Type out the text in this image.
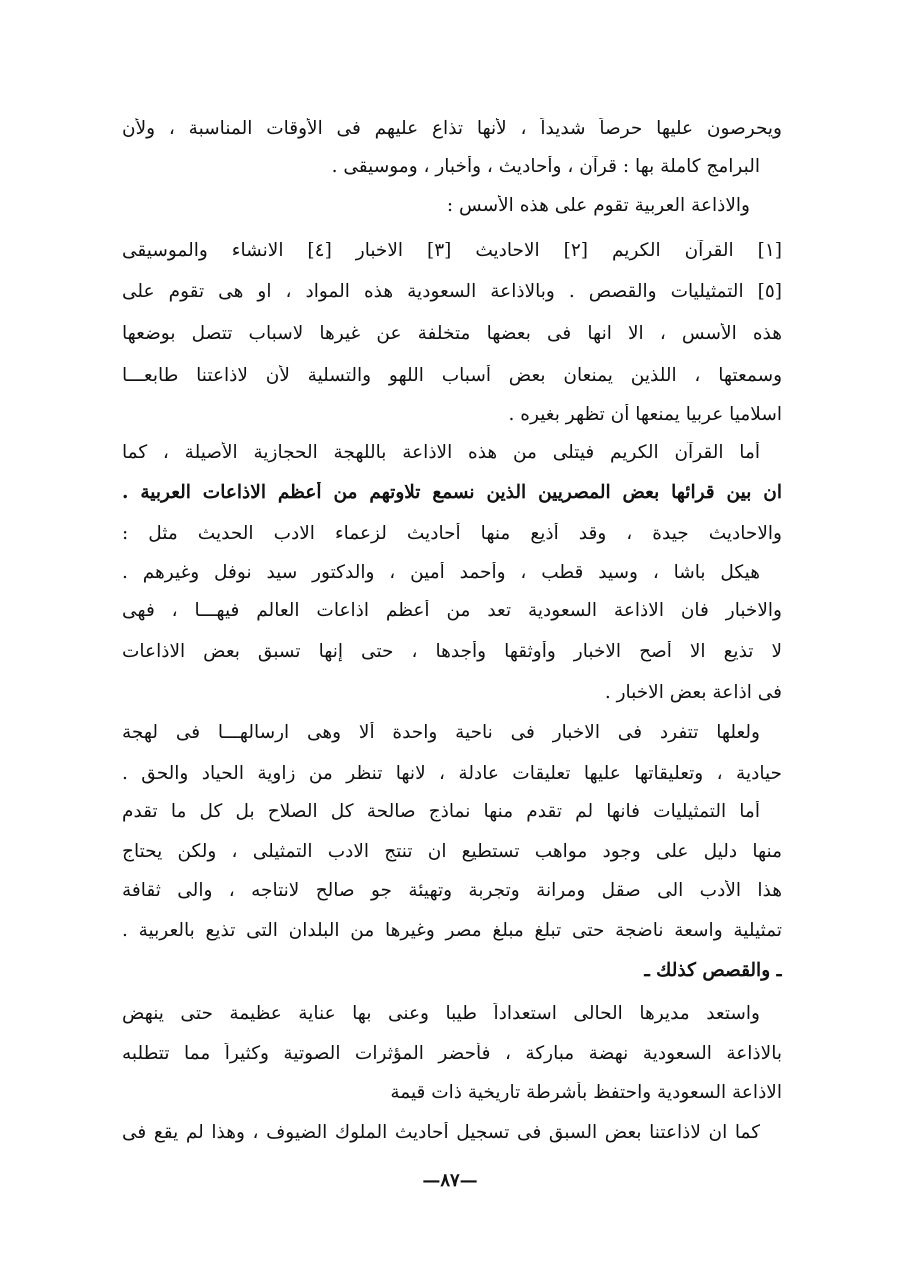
ويحرصون عليها حرصاً شديداً ، لأنها تذاع عليهم فى الأوقات المناسبة ، ولأن
البرامج كاملة بها : قرآن ، وأحاديث ، وأخبار ، وموسيقى .
والاذاعة العربية تقوم على هذه الأسس :
[١] القرآن الكريم [٢] الاحاديث [٣] الاخبار [٤] الانشاء والموسيقى
[٥] التمثيليات والقصص . وبالاذاعة السعودية هذه المواد ، او هى تقوم على
هذه الأسس ، الا انها فى بعضها متخلفة عن غيرها لاسباب تتصل بوضعها
وسمعتها ، اللذين يمنعان بعض أسباب اللهو والتسلية لأن لاذاعتنا طابعـــا
اسلاميا عربيا يمنعها أن تظهر بغيره .
أما القرآن الكريم فيتلى من هذه الاذاعة باللهجة الحجازية الأصيلة ، كما
ان بين قرائها بعض المصريين الذين نسمع تلاوتهم من أعظم الاذاعات العربية .
والاحاديث جيدة ، وقد أذيع منها أحاديث لزعماء الادب الحديث مثل :
هيكل باشا ، وسيد قطب ، وأحمد أمين ، والدكتور سيد نوفل وغيرهم .
والاخبار فان الاذاعة السعودية تعد من أعظم اذاعات العالم فيهـــا ، فهى
لا تذيع الا أصح الاخبار وأوثقها وأجدها ، حتى إنها تسبق بعض الاذاعات
فى اذاعة بعض الاخبار .
ولعلها تتفرد فى الاخبار فى ناحية واحدة ألا وهى ارسالهـــا فى لهجة
حيادية ، وتعليقاتها عليها تعليقات عادلة ، لانها تنظر من زاوية الحياد والحق .
أما التمثيليات فانها لم تقدم منها نماذج صالحة كل الصلاح بل كل ما تقدم
منها دليل على وجود مواهب تستطيع ان تنتج الادب التمثيلى ، ولكن يحتاج
هذا الأدب الى صقل ومرانة وتجربة وتهيئة جو صالح لانتاجه ، والى ثقافة
تمثيلية واسعة ناضجة حتى تبلغ مبلغ مصر وغيرها من البلدان التى تذيع بالعربية .
ـ والقصص كذلك ـ
واستعد مديرها الحالى استعداداً طيبا وعنى بها عناية عظيمة حتى ينهض
بالاذاعة السعودية نهضة مباركة ، فأحضر المؤثرات الصوتية وكثيراً مما تتطلبه
الاذاعة السعودية واحتفظ بأشرطة تاريخية ذات قيمة
كما ان لاذاعتنا بعض السبق فى تسجيل أحاديث الملوك الضيوف ، وهذا لم يقع فى
—٨٧—
